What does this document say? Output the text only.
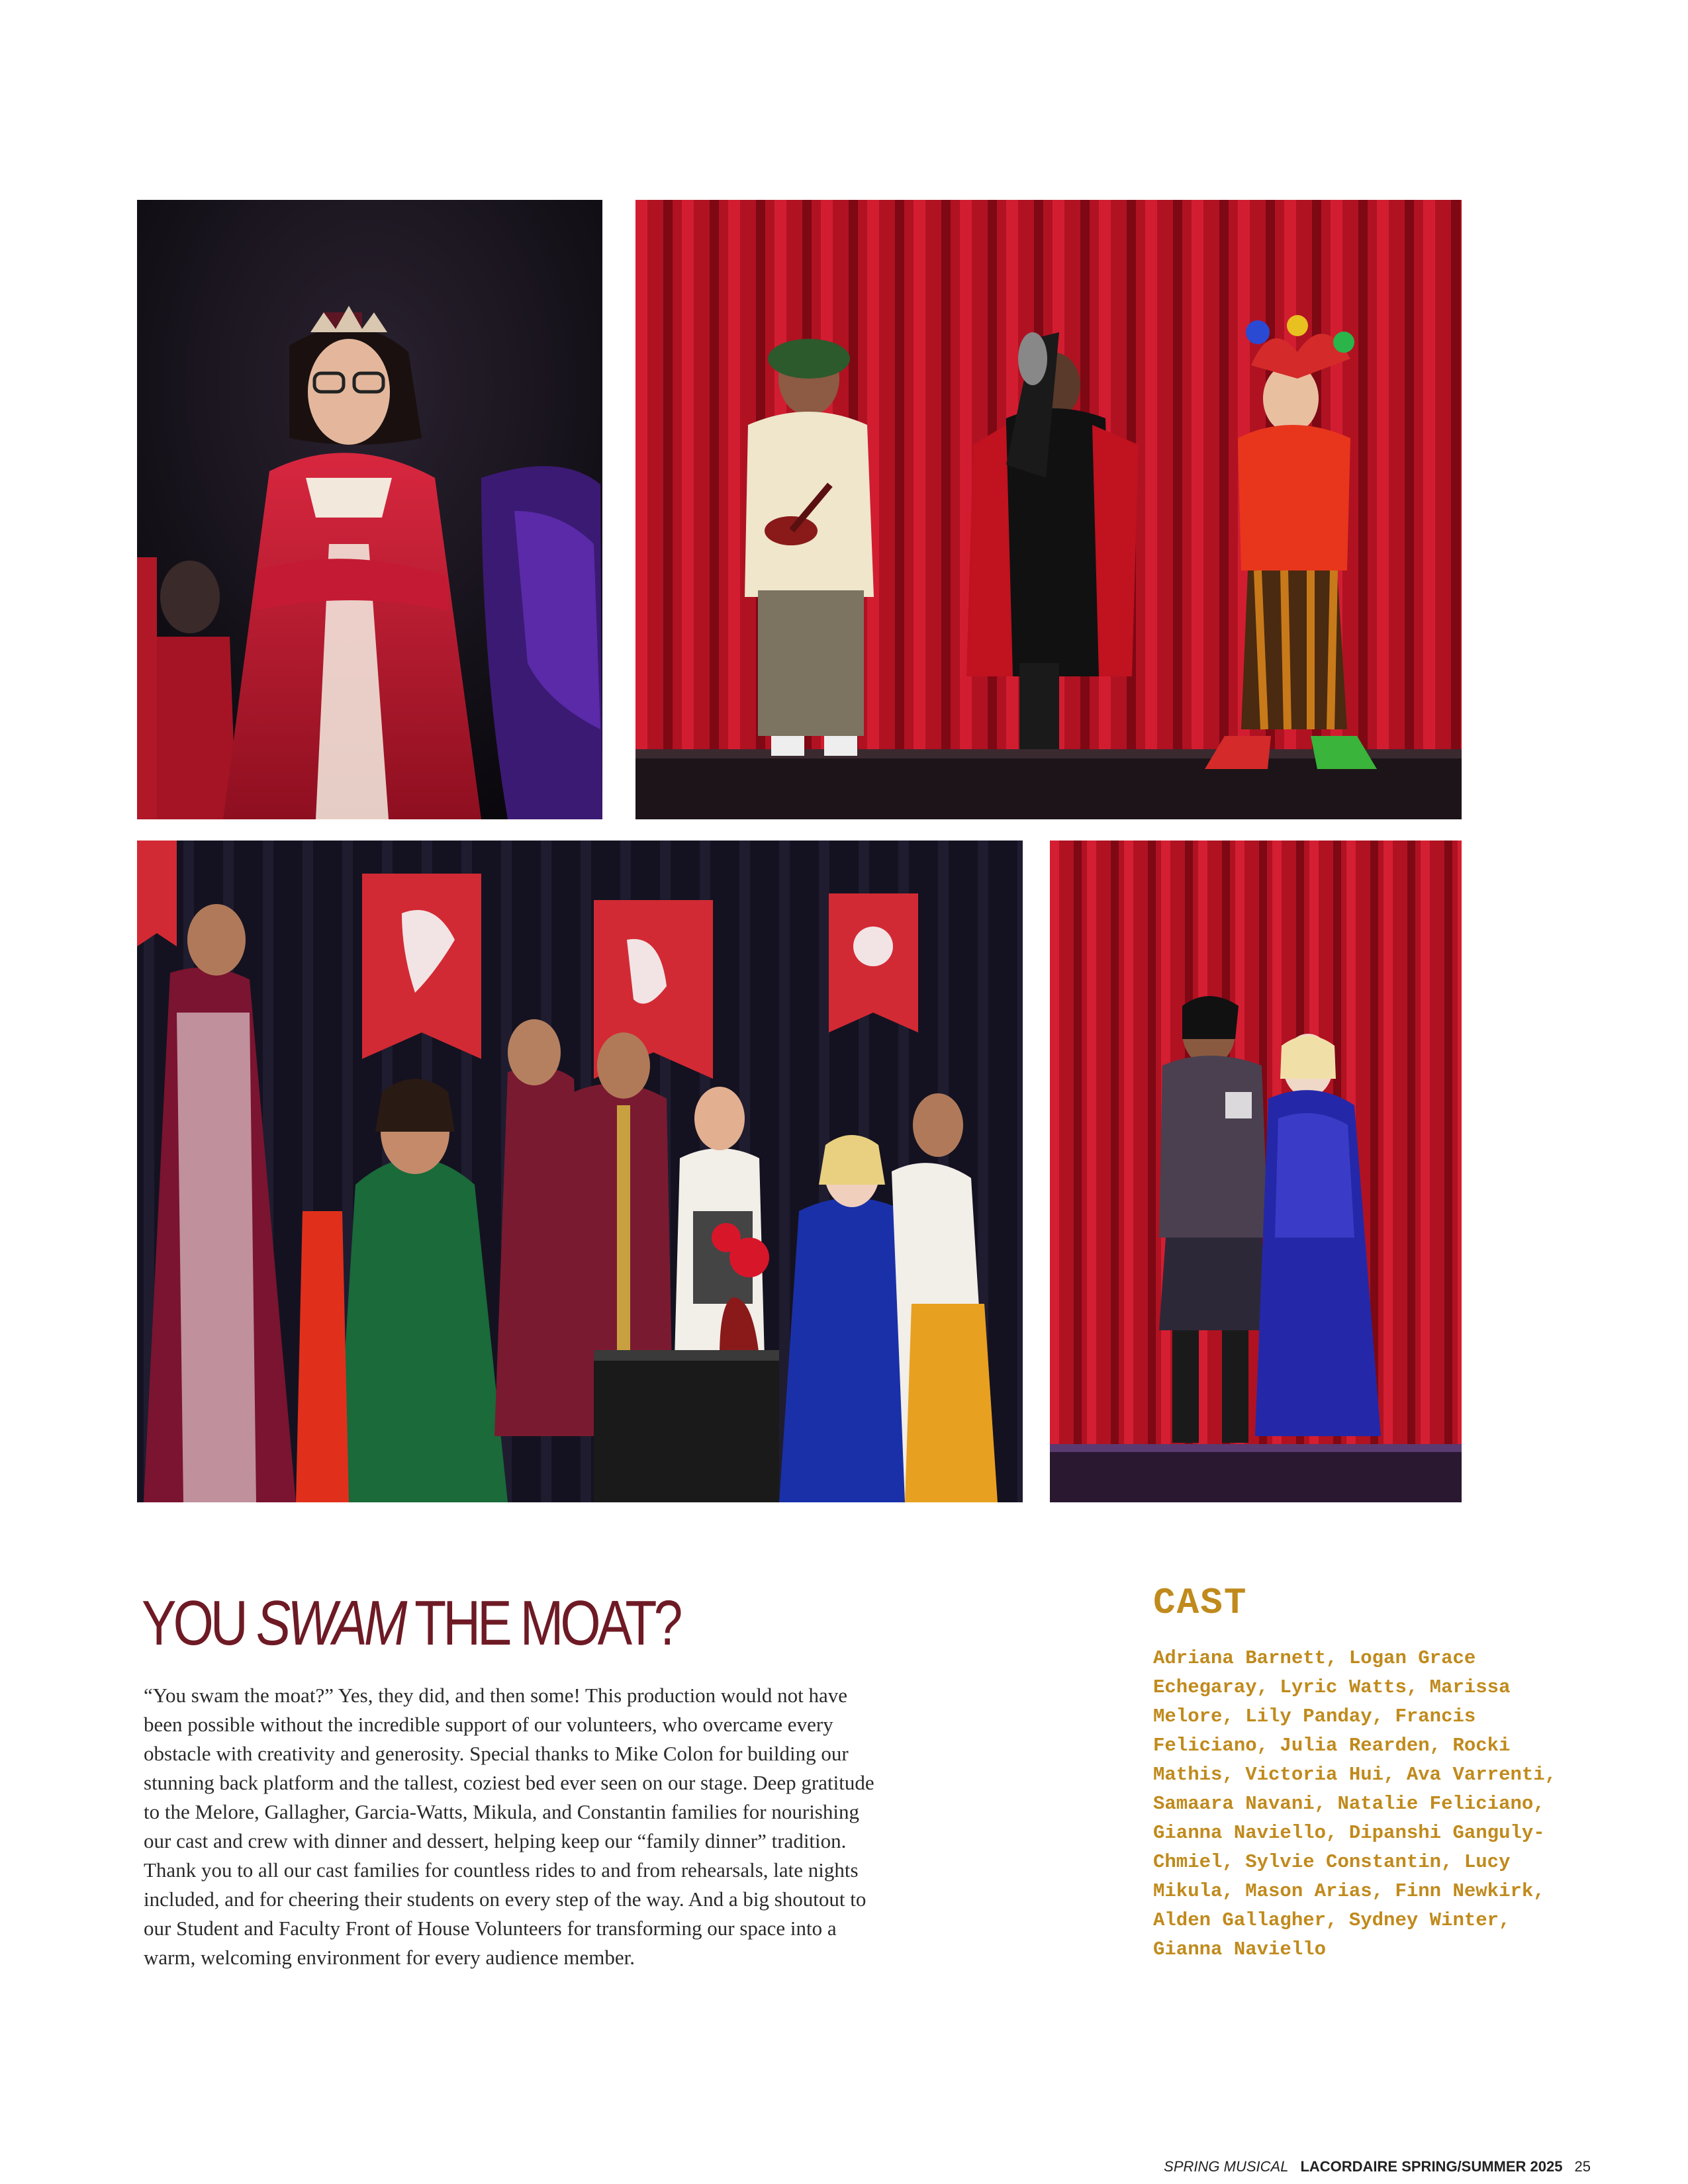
YOU SWAM THE MOAT?

“You swam the moat?” Yes, they did, and then some! This production would not have been possible without the incredible support of our volunteers, who overcame every obstacle with creativity and generosity. Special thanks to Mike Colon for building our stunning back platform and the tallest, coziest bed ever seen on our stage. Deep gratitude to the Melore, Gallagher, Garcia-Watts, Mikula, and Constantin families for nourishing our cast and crew with dinner and dessert, helping keep our “family dinner” tradition. Thank you to all our cast families for countless rides to and from rehearsals, late nights included, and for cheering their students on every step of the way. And a big shoutout to our Student and Faculty Front of House Volunteers for transforming our space into a warm, welcoming environment for every audience member.

CAST

Adriana Barnett, Logan Grace Echegaray, Lyric Watts, Marissa Melore, Lily Panday, Francis Feliciano, Julia Rearden, Rocki Mathis, Victoria Hui, Ava Varrenti, Samaara Navani, Natalie Feliciano, Gianna Naviello, Dipanshi Ganguly-Chmiel, Sylvie Constantin, Lucy Mikula, Mason Arias, Finn Newkirk, Alden Gallagher, Sydney Winter, Gianna Naviello

SPRING MUSICAL LACORDAIRE SPRING/SUMMER 2025 25
